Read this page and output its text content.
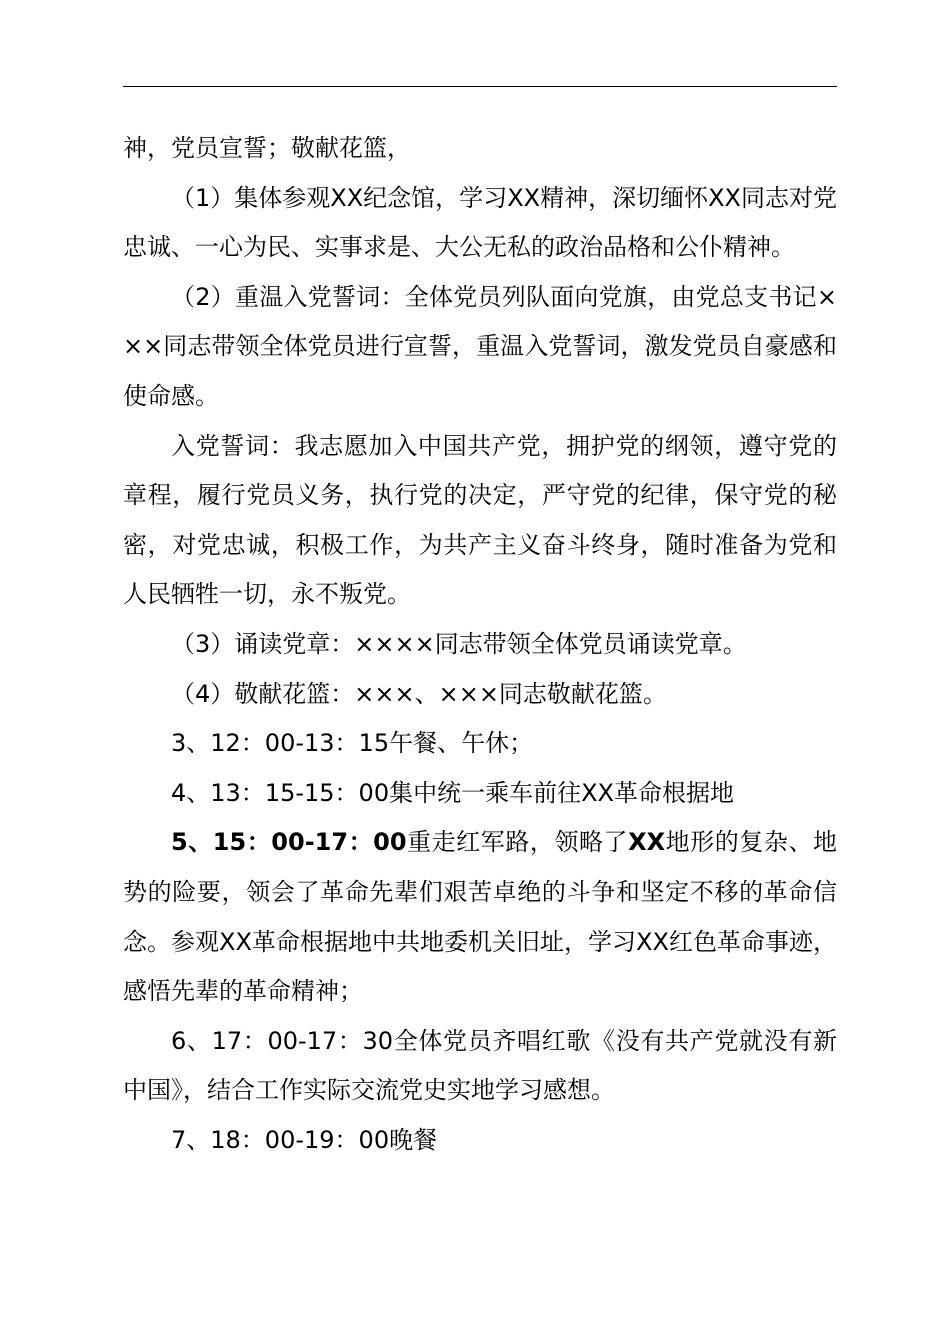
神，党员宣誓；敬献花篮，

（1）集体参观XX纪念馆，学习XX精神，深切缅怀XX同志对党忠诚、一心为民、实事求是、大公无私的政治品格和公仆精神。

（2）重温入党誓词：全体党员列队面向党旗，由党总支书记×××同志带领全体党员进行宣誓，重温入党誓词，激发党员自豪感和使命感。

入党誓词：我志愿加入中国共产党，拥护党的纲领，遵守党的章程，履行党员义务，执行党的决定，严守党的纪律，保守党的秘密，对党忠诚，积极工作，为共产主义奋斗终身，随时准备为党和人民牺牲一切，永不叛党。

（3）诵读党章：××××同志带领全体党员诵读党章。

（4）敬献花篮：×××、×××同志敬献花篮。

3、12：00-13：15午餐、午休；

4、13：15-15：00集中统一乘车前往XX革命根据地

5、15：00-17：00重走红军路，领略了XX地形的复杂、地势的险要，领会了革命先辈们艰苦卓绝的斗争和坚定不移的革命信念。参观XX革命根据地中共地委机关旧址，学习XX红色革命事迹，感悟先辈的革命精神；

6、17：00-17：30全体党员齐唱红歌《没有共产党就没有新中国》，结合工作实际交流党史实地学习感想。

7、18：00-19：00晚餐
